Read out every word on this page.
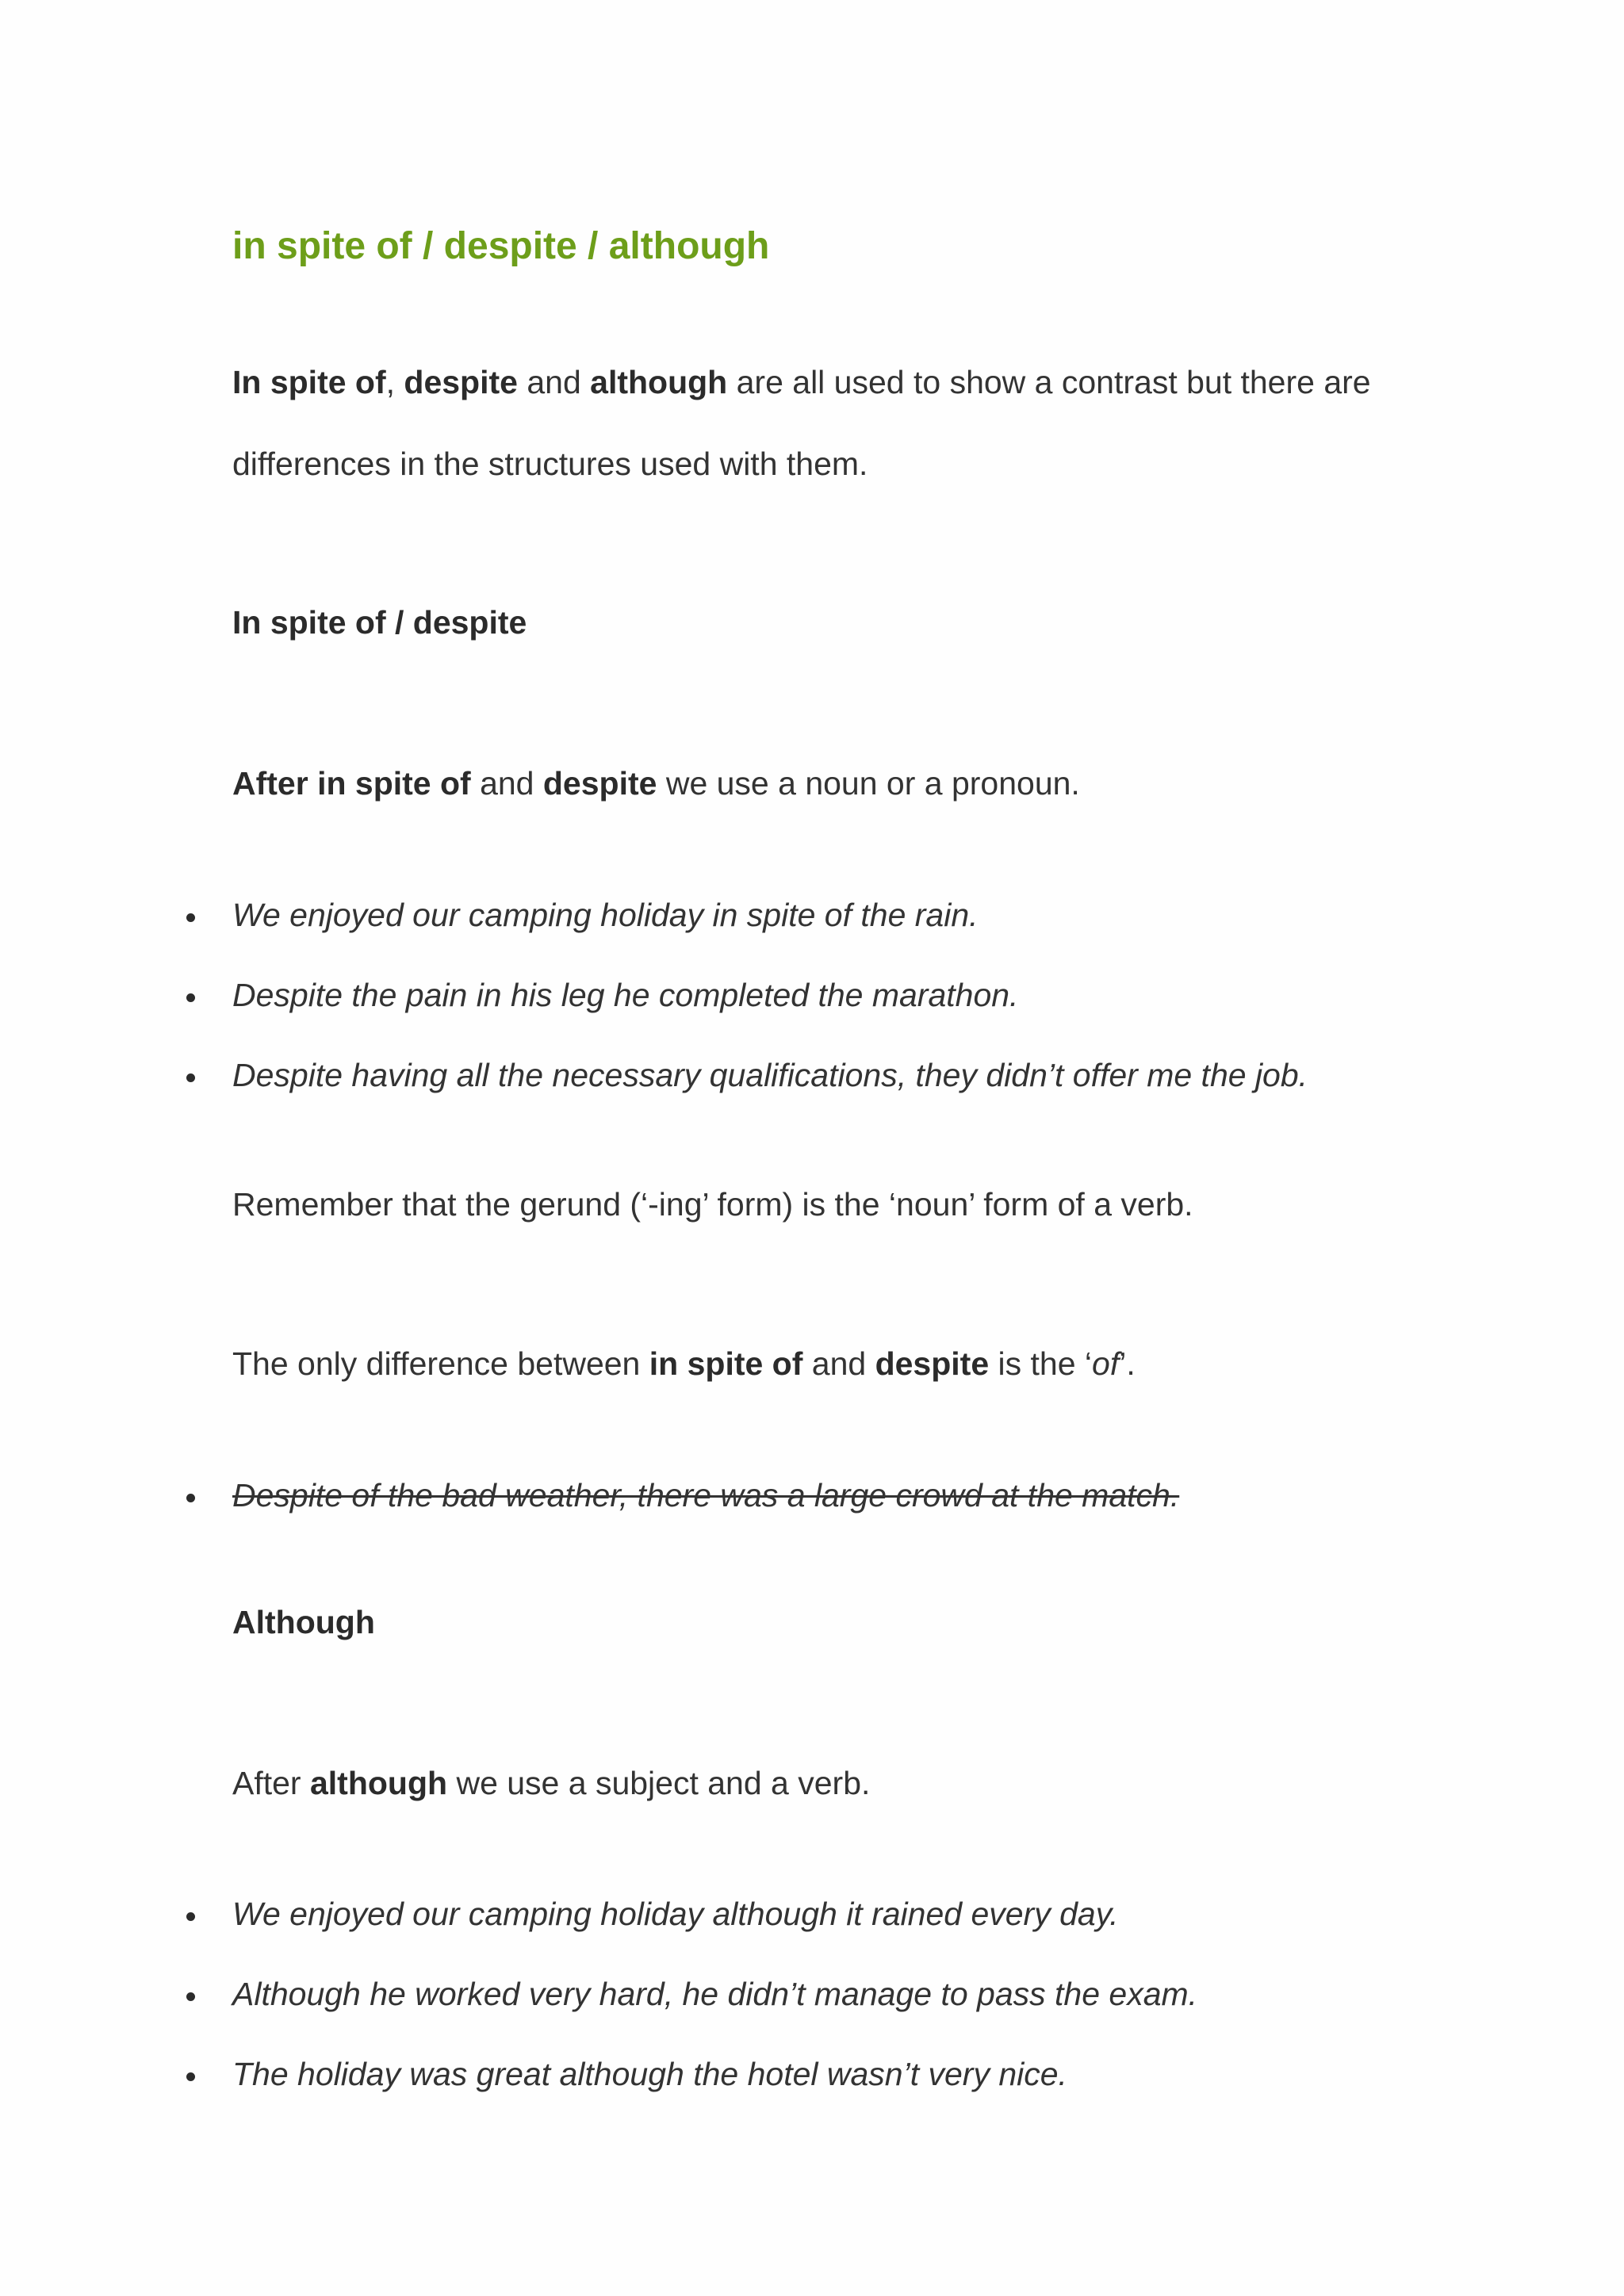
in spite of / despite / although

In spite of, despite and although are all used to show a contrast but there are

differences in the structures used with them.

In spite of / despite

After in spite of and despite we use a noun or a pronoun.

We enjoyed our camping holiday in spite of the rain.
Despite the pain in his leg he completed the marathon.
Despite having all the necessary qualifications, they didn’t offer me the job.

Remember that the gerund (‘-ing’ form) is the ‘noun’ form of a verb.

The only difference between in spite of and despite is the ‘of’.

Despite of the bad weather, there was a large crowd at the match.
Although

After although we use a subject and a verb.

We enjoyed our camping holiday although it rained every day.
Although he worked very hard, he didn’t manage to pass the exam.
The holiday was great although the hotel wasn’t very nice.
